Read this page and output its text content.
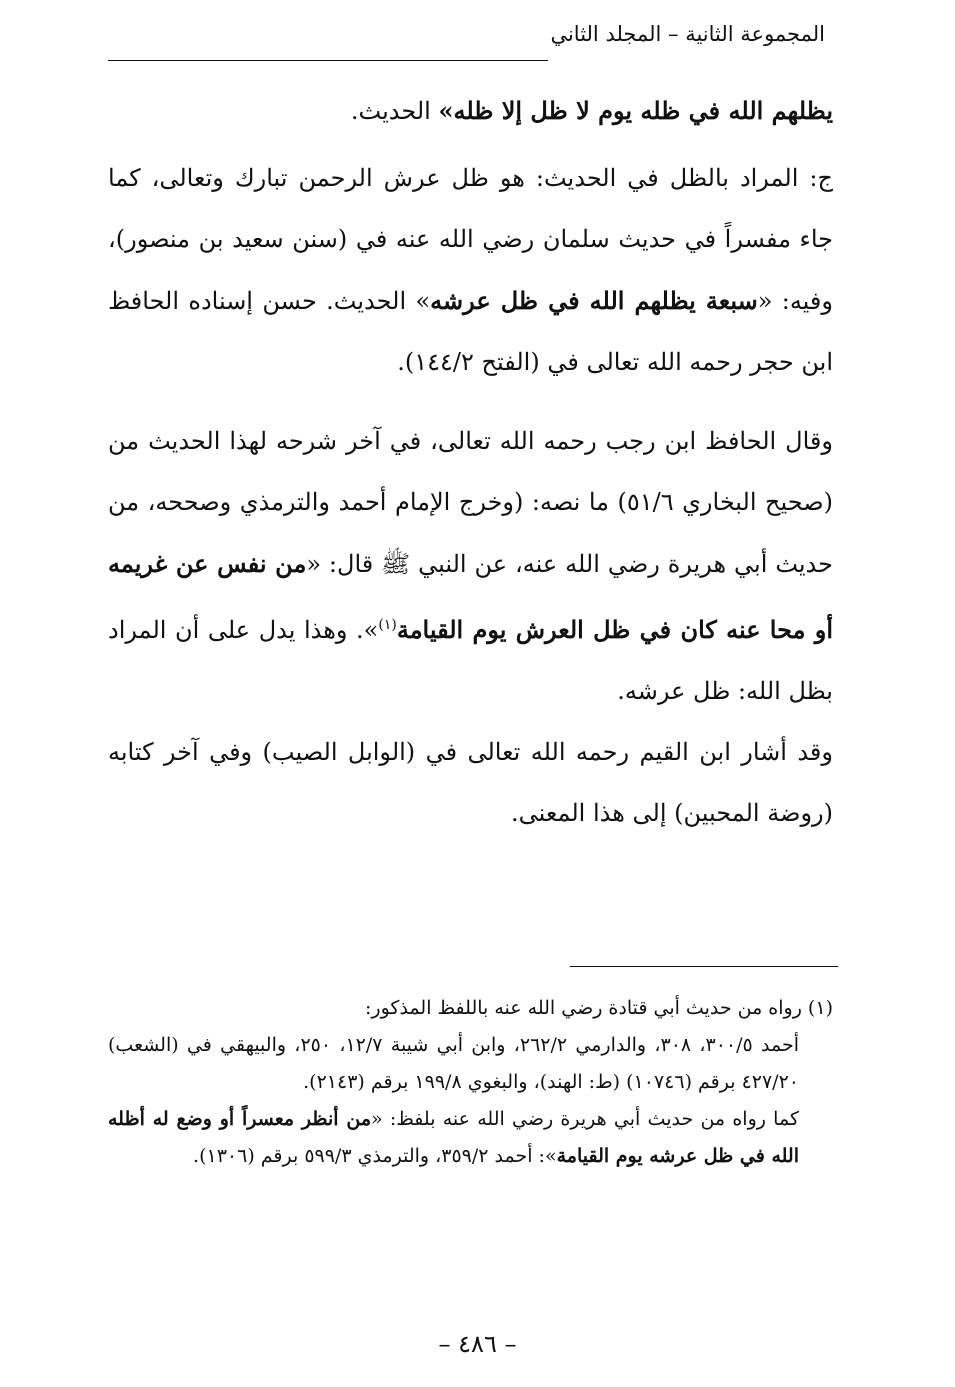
المجموعة الثانية – المجلد الثاني

يظلهم الله في ظله يوم لا ظل إلا ظله» الحديث.

ج: المراد بالظل في الحديث: هو ظل عرش الرحمن تبارك وتعالى، كما جاء مفسراً في حديث سلمان رضي الله عنه في (سنن سعيد بن منصور)، وفيه: «سبعة يظلهم الله في ظل عرشه» الحديث. حسن إسناده الحافظ ابن حجر رحمه الله تعالى في (الفتح ١٤٤/٢).

وقال الحافظ ابن رجب رحمه الله تعالى، في آخر شرحه لهذا الحديث من (صحيح البخاري ٥١/٦) ما نصه: (وخرج الإمام أحمد والترمذي وصححه، من حديث أبي هريرة رضي الله عنه، عن النبي ﷺ قال: «من نفس عن غريمه أو محا عنه كان في ظل العرش يوم القيامة$^{(١)}$». وهذا يدل على أن المراد بظل الله: ظل عرشه.

وقد أشار ابن القيم رحمه الله تعالى في (الوابل الصيب) وفي آخر كتابه (روضة المحبين) إلى هذا المعنى.

(١) رواه من حديث أبي قتادة رضي الله عنه باللفظ المذكور:

أحمد ٣٠٠/٥، ٣٠٨، والدارمي ٢٦٢/٢، وابن أبي شيبة ١٢/٧، ٢٥٠، والبيهقي في (الشعب) ٤٢٧/٢٠ برقم (١٠٧٤٦) (ط: الهند)، والبغوي ١٩٩/٨ برقم (٢١٤٣).

كما رواه من حديث أبي هريرة رضي الله عنه بلفظ: «من أنظر معسراً أو وضع له أظله الله في ظل عرشه يوم القيامة»: أحمد ٣٥٩/٢، والترمذي ٥٩٩/٣ برقم (١٣٠٦).

– ٤٨٦ –
